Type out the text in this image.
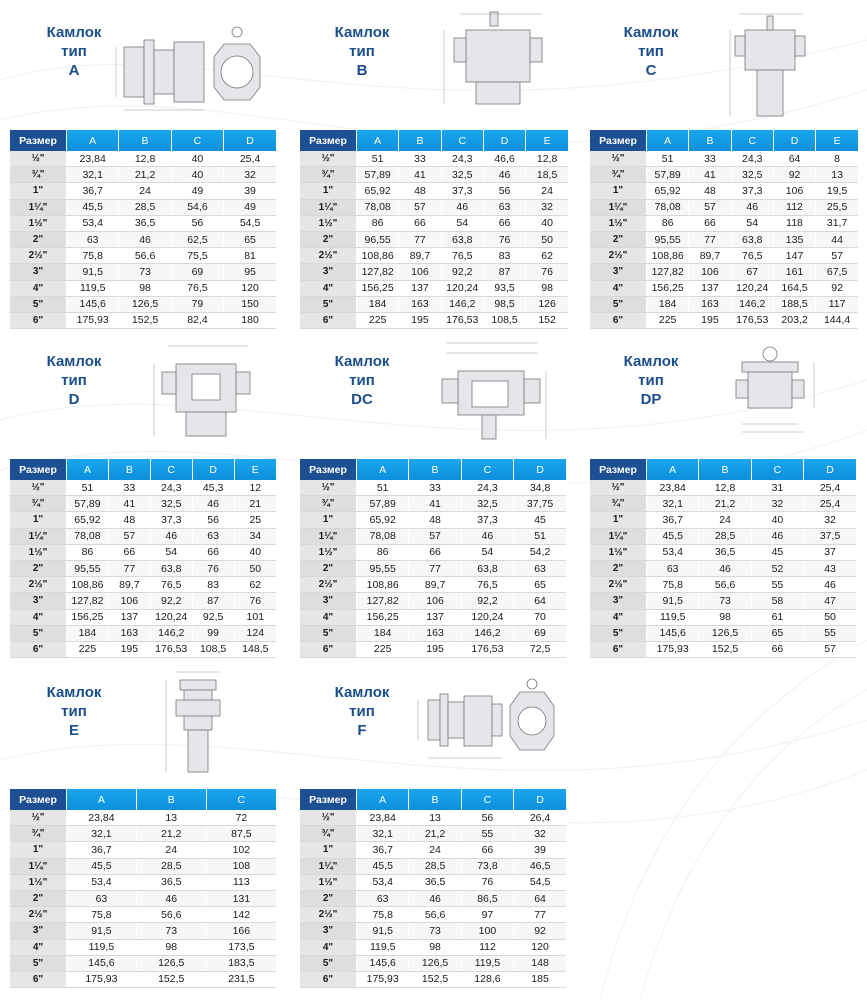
Камлок
тип
A
Камлок
тип
B
Камлок
тип
C
Камлок
тип
D
Камлок
тип
DC
Камлок
тип
DP
Камлок
тип
E
Камлок
тип
F
Размер	A	B	C	D
½"	23,84	12,8	40	25,4
¾"	32,1	21,2	40	32
1"	36,7	24	49	39
1¼"	45,5	28,5	54,6	49
1½"	53,4	36,5	56	54,5
2"	63	46	62,5	65
2½"	75,8	56,6	75,5	81
3"	91,5	73	69	95
4"	119,5	98	76,5	120
5"	145,6	126,5	79	150
6"	175,93	152,5	82,4	180
Размер	A	B	C	D	E
½"	51	33	24,3	46,6	12,8
¾"	57,89	41	32,5	46	18,5
1"	65,92	48	37,3	56	24
1¼"	78,08	57	46	63	32
1½"	86	66	54	66	40
2"	96,55	77	63,8	76	50
2½"	108,86	89,7	76,5	83	62
3"	127,82	106	92,2	87	76
4"	156,25	137	120,24	93,5	98
5"	184	163	146,2	98,5	126
6"	225	195	176,53	108,5	152
Размер	A	B	C	D	E
½"	51	33	24,3	64	8
¾"	57,89	41	32,5	92	13
1"	65,92	48	37,3	106	19,5
1¼"	78,08	57	46	112	25,5
1½"	86	66	54	118	31,7
2"	95,55	77	63,8	135	44
2½"	108,86	89,7	76,5	147	57
3"	127,82	106	67	161	67,5
4"	156,25	137	120,24	164,5	92
5"	184	163	146,2	188,5	117
6"	225	195	176,53	203,2	144,4
Размер	A	B	C	D	E
½"	51	33	24,3	45,3	12
¾"	57,89	41	32,5	46	21
1"	65,92	48	37,3	56	25
1¼"	78,08	57	46	63	34
1½"	86	66	54	66	40
2"	95,55	77	63,8	76	50
2½"	108,86	89,7	76,5	83	62
3"	127,82	106	92,2	87	76
4"	156,25	137	120,24	92,5	101
5"	184	163	146,2	99	124
6"	225	195	176,53	108,5	148,5
Размер	A	B	C	D
½"	51	33	24,3	34,8
¾"	57,89	41	32,5	37,75
1"	65,92	48	37,3	45
1¼"	78,08	57	46	51
1½"	86	66	54	54,2
2"	95,55	77	63,8	63
2½"	108,86	89,7	76,5	65
3"	127,82	106	92,2	64
4"	156,25	137	120,24	70
5"	184	163	146,2	69
6"	225	195	176,53	72,5
Размер	A	B	C	D
½"	23,84	12,8	31	25,4
¾"	32,1	21,2	32	25,4
1"	36,7	24	40	32
1¼"	45,5	28,5	46	37,5
1½"	53,4	36,5	45	37
2"	63	46	52	43
2½"	75,8	56,6	55	46
3"	91,5	73	58	47
4"	119,5	98	61	50
5"	145,6	126,5	65	55
6"	175,93	152,5	66	57
Размер	A	B	C
½"	23,84	13	72
¾"	32,1	21,2	87,5
1"	36,7	24	102
1¼"	45,5	28,5	108
1½"	53,4	36,5	113
2"	63	46	131
2½"	75,8	56,6	142
3"	91,5	73	166
4"	119,5	98	173,5
5"	145,6	126,5	183,5
6"	175,93	152,5	231,5
Размер	A	B	C	D
½"	23,84	13	56	26,4
¾"	32,1	21,2	55	32
1"	36,7	24	66	39
1¼"	45,5	28,5	73,8	46,5
1½"	53,4	36,5	76	54,5
2"	63	46	86,5	64
2½"	75,8	56,6	97	77
3"	91,5	73	100	92
4"	119,5	98	112	120
5"	145,6	126,5	119,5	148
6"	175,93	152,5	128,6	185
